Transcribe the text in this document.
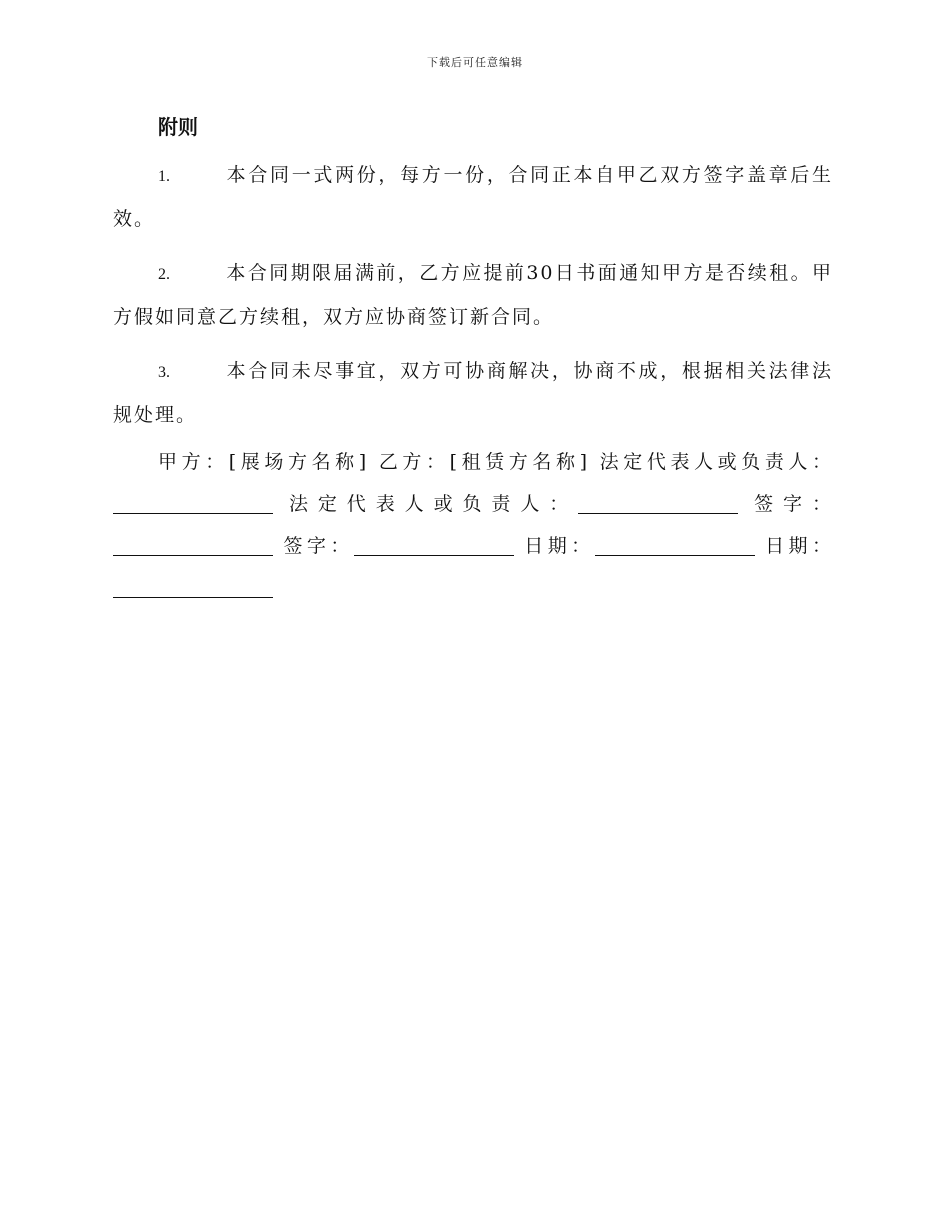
下载后可任意编辑
附则

1.	本合同一式两份，每方一份，合同正本自甲乙双方签字盖章后生效。

2.	本合同期限届满前，乙方应提前30日书面通知甲方是否续租。甲方假如同意乙方续租，双方应协商签订新合同。

3.	本合同未尽事宜，双方可协商解决，协商不成，根据相关法律法规处理。

甲方：[展场方名称] 乙方：[租赁方名称] 法定代表人或负责人： 法定代表人或负责人：	签字： 签字：	日期：	日期：
